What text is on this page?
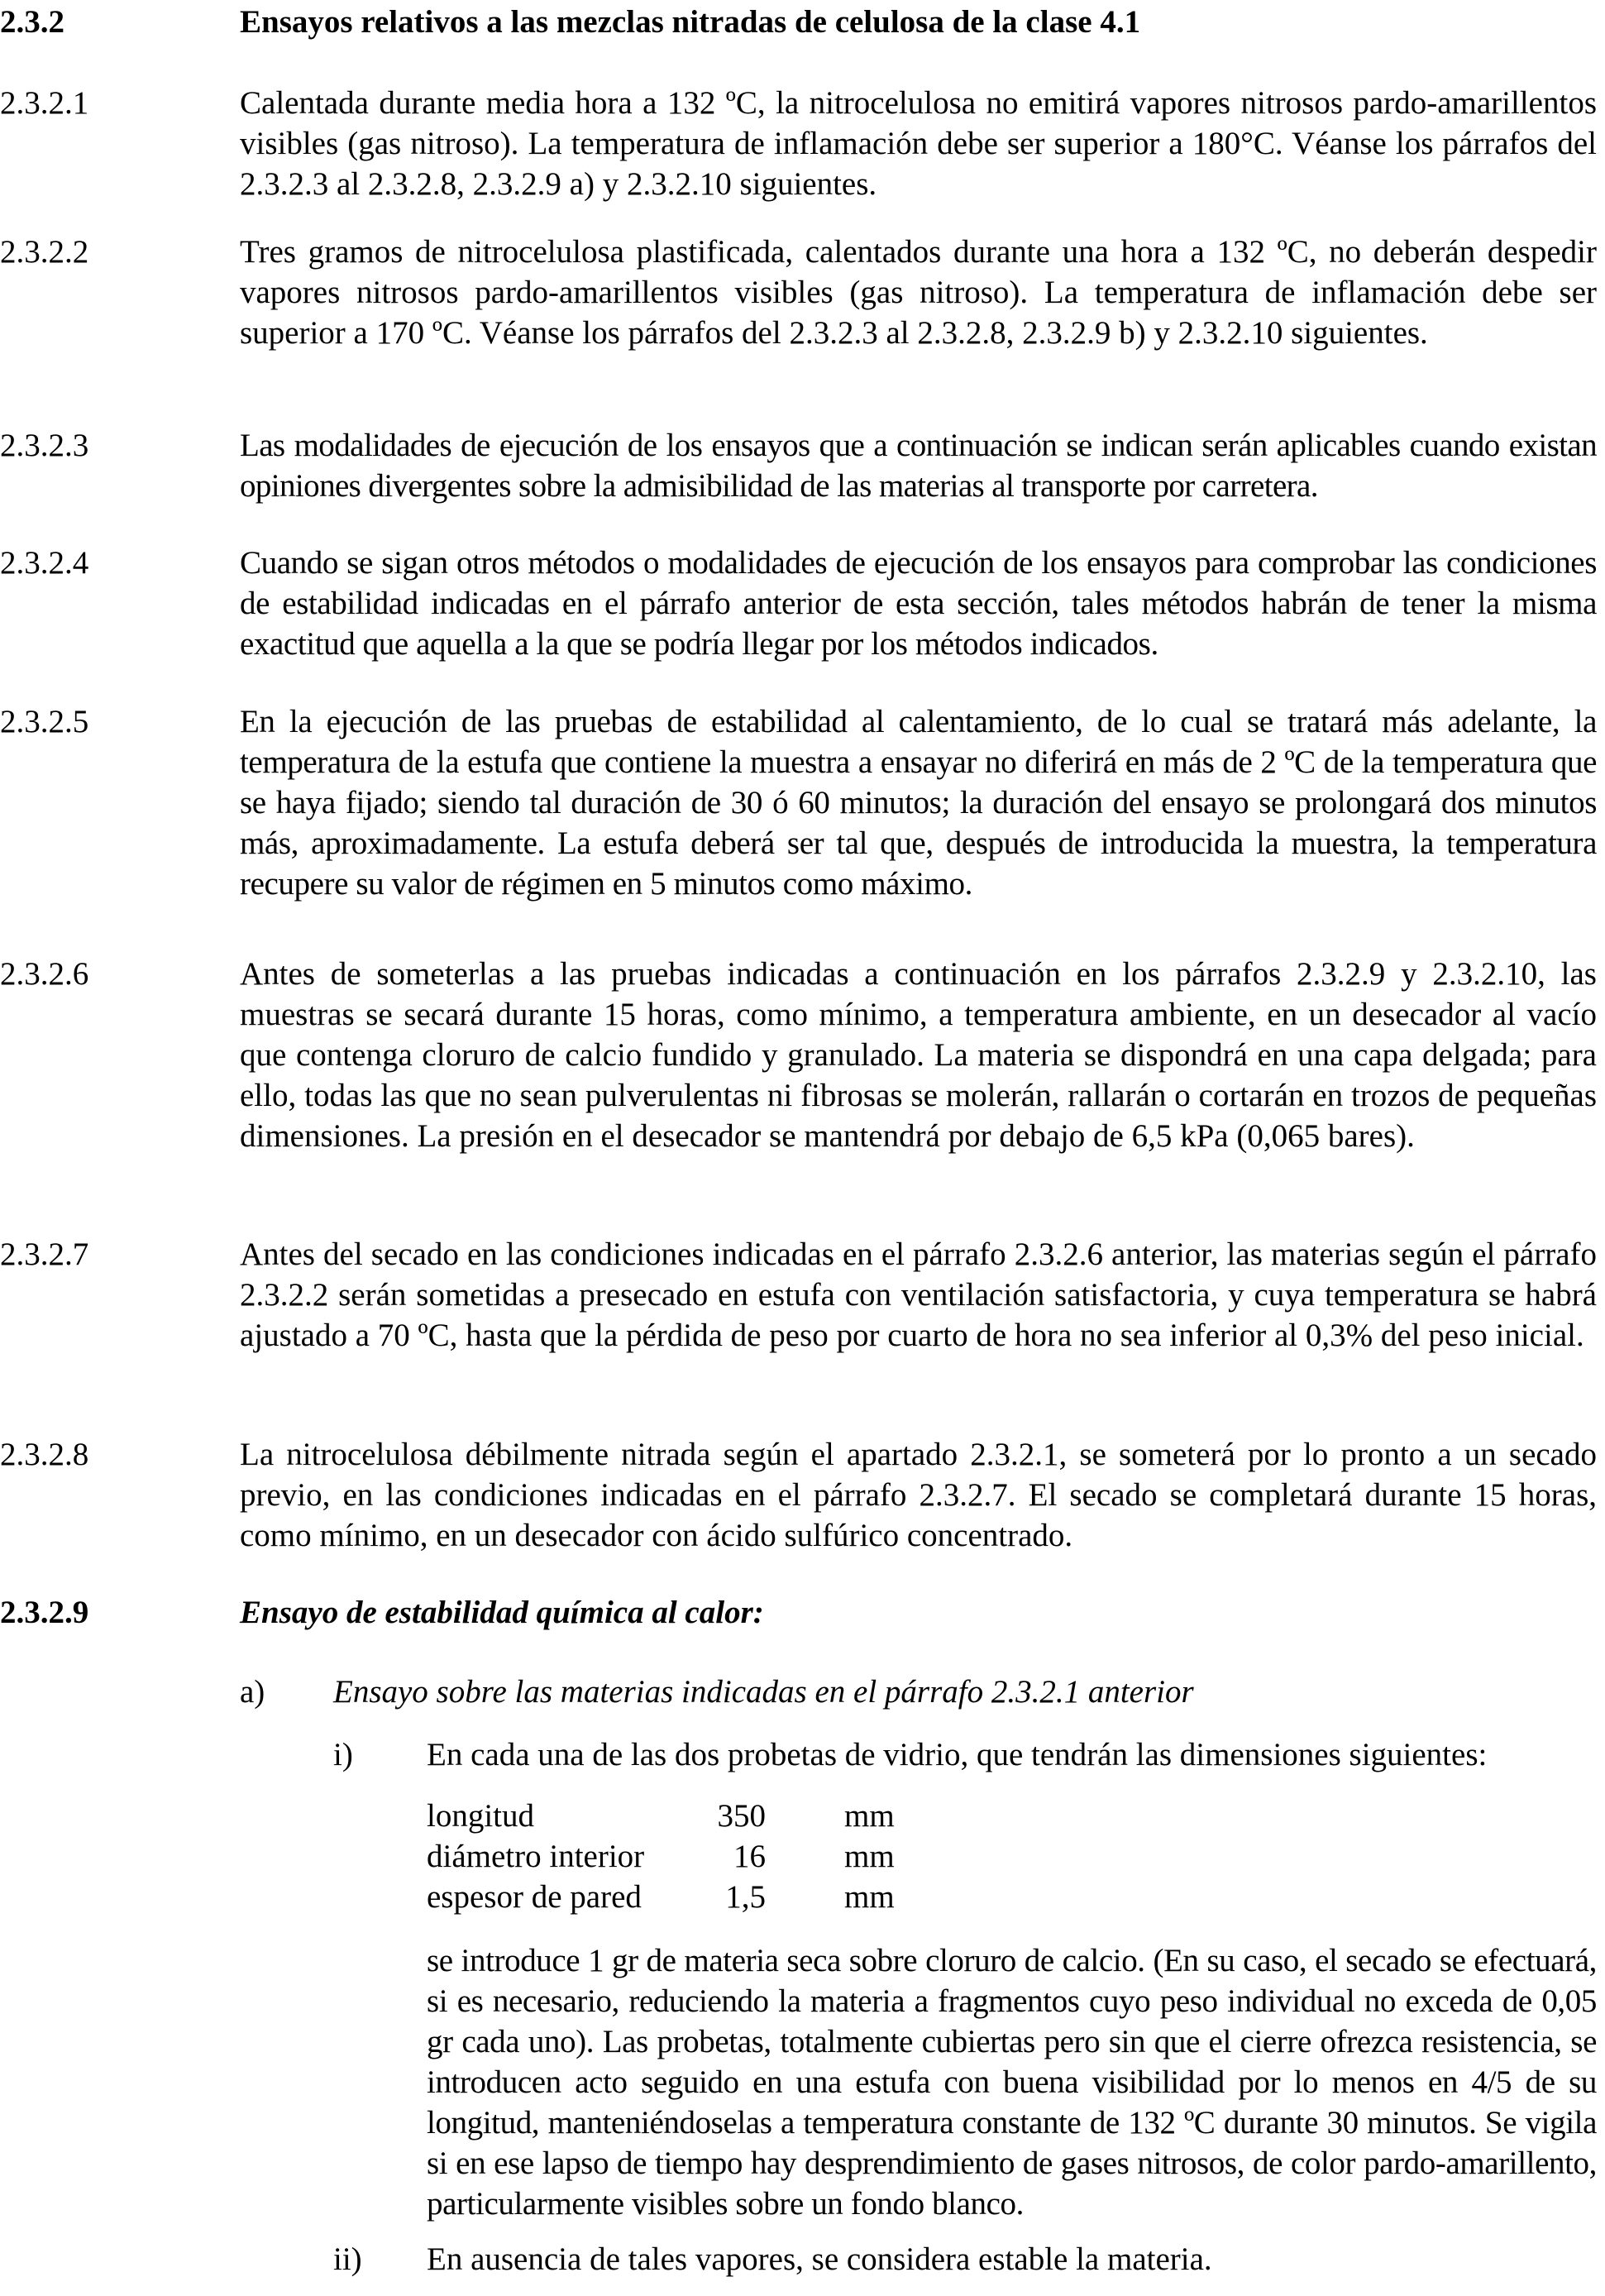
2.3.2	Ensayos relativos a las mezclas nitradas de celulosa de la clase 4.1
2.3.2.1	Calentada durante media hora a 132 ºC, la nitrocelulosa no emitirá vapores nitrosos pardo-amarillentos visibles (gas nitroso). La temperatura de inflamación debe ser superior a 180°C. Véanse los párrafos del 2.3.2.3 al 2.3.2.8, 2.3.2.9 a) y 2.3.2.10 siguientes.
2.3.2.2	Tres gramos de nitrocelulosa plastificada, calentados durante una hora a 132 ºC, no deberán despedir vapores nitrosos pardo-amarillentos visibles (gas nitroso). La temperatura de inflamación debe ser superior a 170 ºC. Véanse los párrafos del 2.3.2.3 al 2.3.2.8, 2.3.2.9 b) y 2.3.2.10 siguientes.
2.3.2.3	Las modalidades de ejecución de los ensayos que a continuación se indican serán aplicables cuando existan opiniones divergentes sobre la admisibilidad de las materias al transporte por carretera.
2.3.2.4	Cuando se sigan otros métodos o modalidades de ejecución de los ensayos para comprobar las condiciones de estabilidad indicadas en el párrafo anterior de esta sección, tales métodos habrán de tener la misma exactitud que aquella a la que se podría llegar por los métodos indicados.
2.3.2.5	En la ejecución de las pruebas de estabilidad al calentamiento, de lo cual se tratará más adelante, la temperatura de la estufa que contiene la muestra a ensayar no diferirá en más de 2 ºC de la temperatura que se haya fijado; siendo tal duración de 30 ó 60 minutos; la duración del ensayo se prolongará dos minutos más, aproximadamente. La estufa deberá ser tal que, después de introducida la muestra, la temperatura recupere su valor de régimen en 5 minutos como máximo.
2.3.2.6	Antes de someterlas a las pruebas indicadas a continuación en los párrafos 2.3.2.9 y 2.3.2.10, las muestras se secará durante 15 horas, como mínimo, a temperatura ambiente, en un desecador al vacío que contenga cloruro de calcio fundido y granulado. La materia se dispondrá en una capa delgada; para ello, todas las que no sean pulverulentas ni fibrosas se molerán, rallarán o cortarán en trozos de pequeñas dimensiones. La presión en el desecador se mantendrá por debajo de 6,5 kPa (0,065 bares).
2.3.2.7	Antes del secado en las condiciones indicadas en el párrafo 2.3.2.6 anterior, las materias según el párrafo 2.3.2.2 serán sometidas a presecado en estufa con ventilación satisfactoria, y cuya temperatura se habrá ajustado a 70 ºC, hasta que la pérdida de peso por cuarto de hora no sea inferior al 0,3% del peso inicial.
2.3.2.8	La nitrocelulosa débilmente nitrada según el apartado 2.3.2.1, se someterá por lo pronto a un secado previo, en las condiciones indicadas en el párrafo 2.3.2.7. El secado se completará durante 15 horas, como mínimo, en un desecador con ácido sulfúrico concentrado.
2.3.2.9	Ensayo de estabilidad química al calor:
a) Ensayo sobre las materias indicadas en el párrafo 2.3.2.1 anterior
i) En cada una de las dos probetas de vidrio, que tendrán las dimensiones siguientes:
longitud	350 mm
diámetro interior	16 mm
espesor de pared	1,5 mm
se introduce 1 gr de materia seca sobre cloruro de calcio. (En su caso, el secado se efectuará, si es necesario, reduciendo la materia a fragmentos cuyo peso individual no exceda de 0,05 gr cada uno). Las probetas, totalmente cubiertas pero sin que el cierre ofrezca resistencia, se introducen acto seguido en una estufa con buena visibilidad por lo menos en 4/5 de su longitud, manteniéndoselas a temperatura constante de 132 ºC durante 30 minutos. Se vigila si en ese lapso de tiempo hay desprendimiento de gases nitrosos, de color pardo-amarillento, particularmente visibles sobre un fondo blanco.
ii) En ausencia de tales vapores, se considera estable la materia.
